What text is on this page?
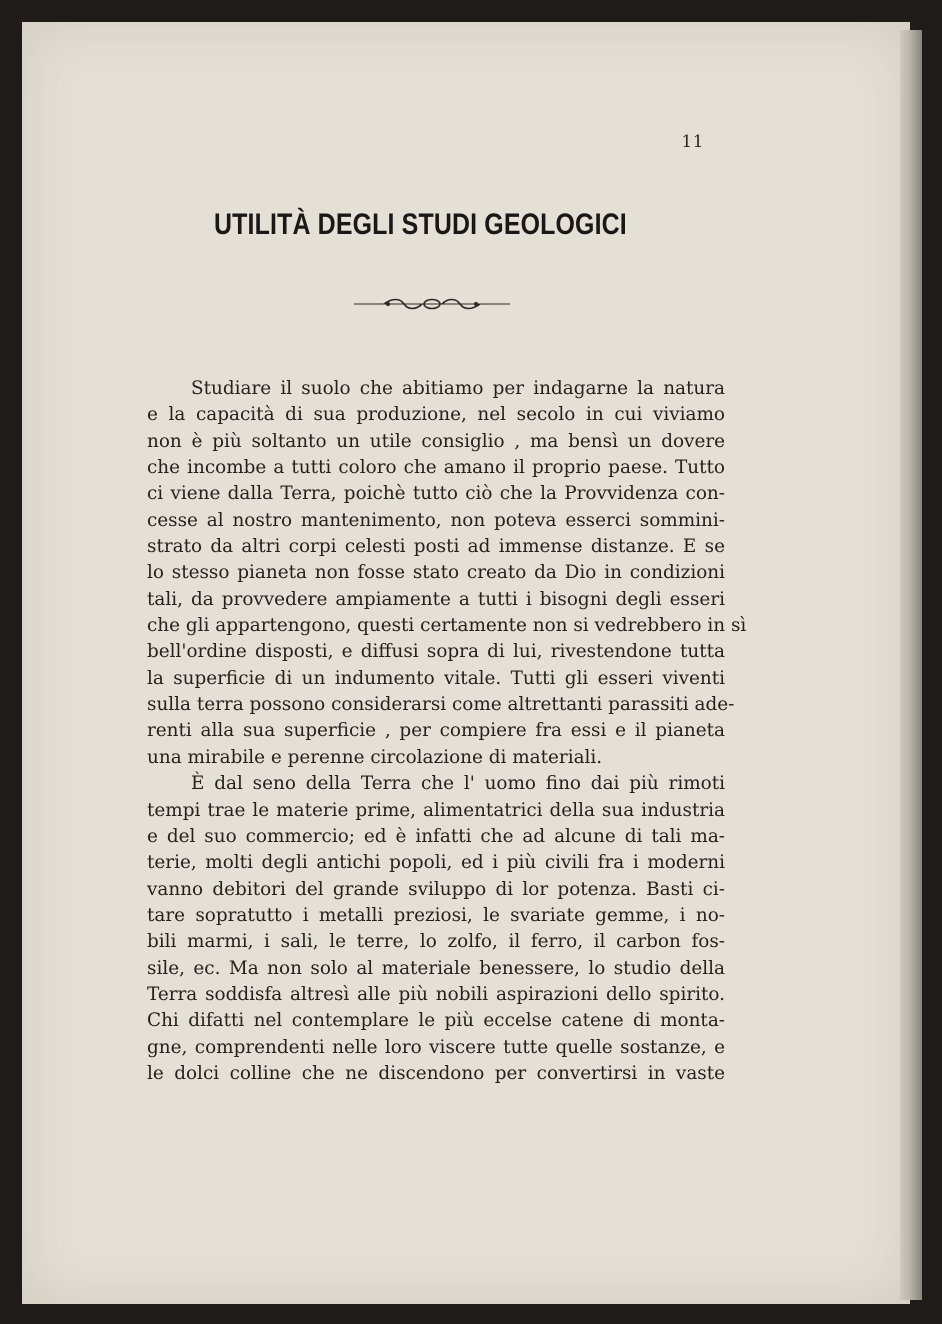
11
UTILITÀ DEGLI STUDI GEOLOGICI
Studiare il suolo che abitiamo per indagarne la natura
e la capacità di sua produzione, nel secolo in cui viviamo
non è più soltanto un utile consiglio , ma bensì un dovere
che incombe a tutti coloro che amano il proprio paese. Tutto
ci viene dalla Terra, poichè tutto ciò che la Provvidenza con-
cesse al nostro mantenimento, non poteva esserci sommini-
strato da altri corpi celesti posti ad immense distanze. E se
lo stesso pianeta non fosse stato creato da Dio in condizioni
tali, da provvedere ampiamente a tutti i bisogni degli esseri
che gli appartengono, questi certamente non si vedrebbero in sì
bell'ordine disposti, e diffusi sopra di lui, rivestendone tutta
la superficie di un indumento vitale. Tutti gli esseri viventi
sulla terra possono considerarsi come altrettanti parassiti ade-
renti alla sua superficie , per compiere fra essi e il pianeta
una mirabile e perenne circolazione di materiali.
È dal seno della Terra che l' uomo fino dai più rimoti
tempi trae le materie prime, alimentatrici della sua industria
e del suo commercio; ed è infatti che ad alcune di tali ma-
terie, molti degli antichi popoli, ed i più civili fra i moderni
vanno debitori del grande sviluppo di lor potenza. Basti ci-
tare sopratutto i metalli preziosi, le svariate gemme, i no-
bili marmi, i sali, le terre, lo zolfo, il ferro, il carbon fos-
sile, ec. Ma non solo al materiale benessere, lo studio della
Terra soddisfa altresì alle più nobili aspirazioni dello spirito.
Chi difatti nel contemplare le più eccelse catene di monta-
gne, comprendenti nelle loro viscere tutte quelle sostanze, e
le dolci colline che ne discendono per convertirsi in vaste
